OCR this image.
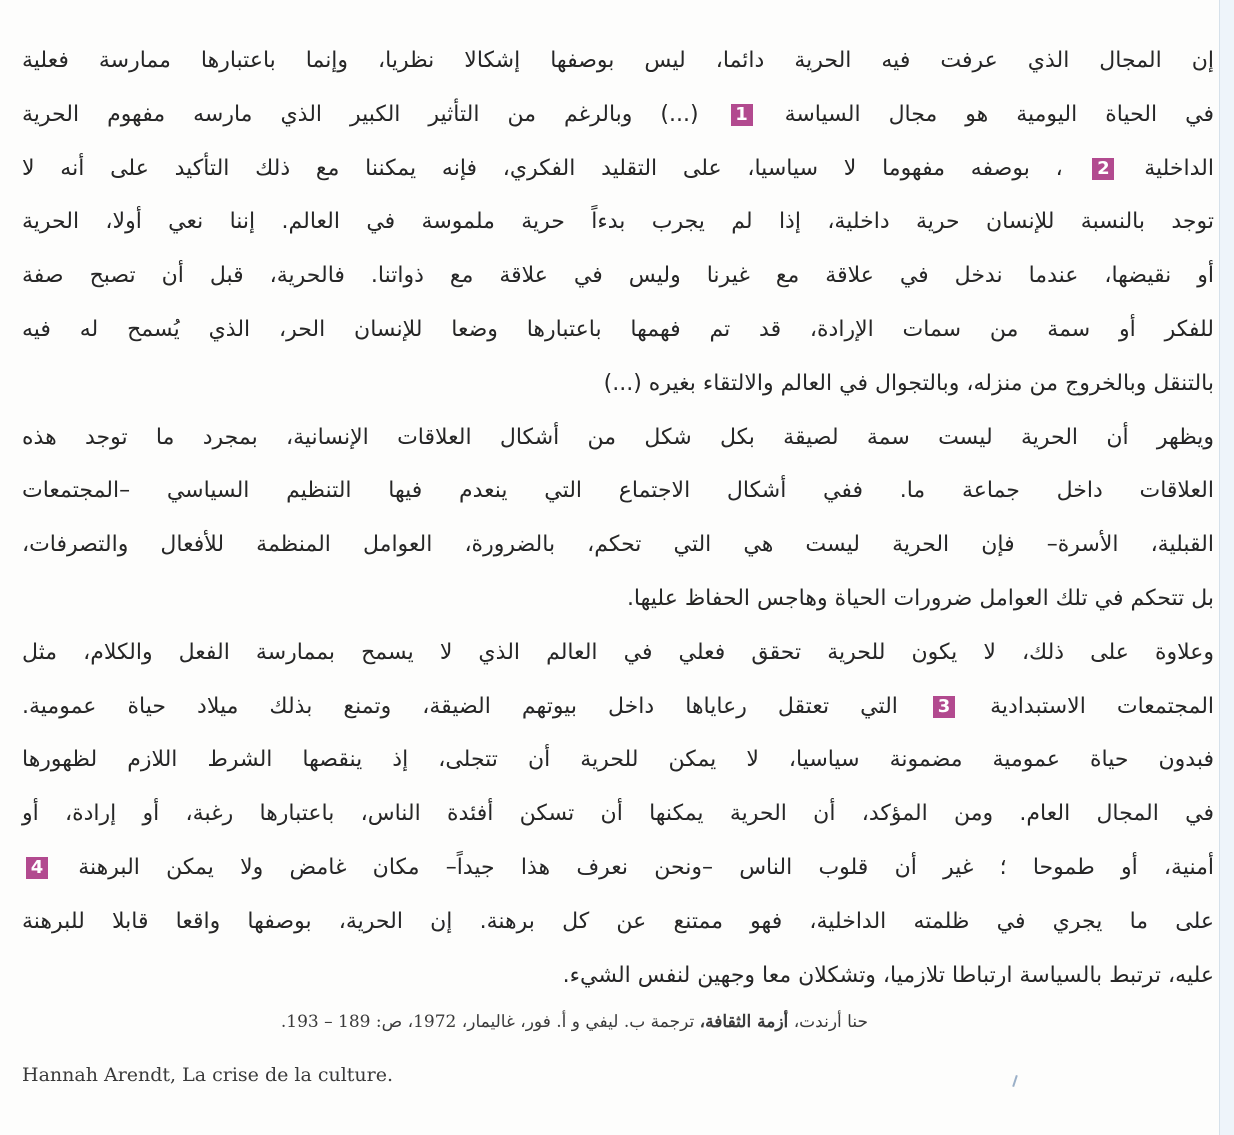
إن المجال الذي عرفت فيه الحرية دائما، ليس بوصفها إشكالا نظريا، وإنما باعتبارها ممارسة فعلية
في الحياة اليومية هو مجال السياسة 1 (...) وبالرغم من التأثير الكبير الذي مارسه مفهوم الحرية
الداخلية 2 ، بوصفه مفهوما لا سياسيا، على التقليد الفكري، فإنه يمكننا مع ذلك التأكيد على أنه لا
توجد بالنسبة للإنسان حرية داخلية، إذا لم يجرب بدءاً حرية ملموسة في العالم. إننا نعي أولا، الحرية
أو نقيضها، عندما ندخل في علاقة مع غيرنا وليس في علاقة مع ذواتنا. فالحرية، قبل أن تصبح صفة
للفكر أو سمة من سمات الإرادة، قد تم فهمها باعتبارها وضعا للإنسان الحر، الذي يُسمح له فيه
بالتنقل وبالخروج من منزله، وبالتجوال في العالم والالتقاء بغيره (...)
ويظهر أن الحرية ليست سمة لصيقة بكل شكل من أشكال العلاقات الإنسانية، بمجرد ما توجد هذه
العلاقات داخل جماعة ما. ففي أشكال الاجتماع التي ينعدم فيها التنظيم السياسي –المجتمعات
القبلية، الأسرة– فإن الحرية ليست هي التي تحكم، بالضرورة، العوامل المنظمة للأفعال والتصرفات،
بل تتحكم في تلك العوامل ضرورات الحياة وهاجس الحفاظ عليها.
وعلاوة على ذلك، لا يكون للحرية تحقق فعلي في العالم الذي لا يسمح بممارسة الفعل والكلام، مثل
المجتمعات الاستبدادية 3 التي تعتقل رعاياها داخل بيوتهم الضيقة، وتمنع بذلك ميلاد حياة عمومية.
فبدون حياة عمومية مضمونة سياسيا، لا يمكن للحرية أن تتجلى، إذ ينقصها الشرط اللازم لظهورها
في المجال العام. ومن المؤكد، أن الحرية يمكنها أن تسكن أفئدة الناس، باعتبارها رغبة، أو إرادة، أو
أمنية، أو طموحا ؛ غير أن قلوب الناس –ونحن نعرف هذا جيداً– مكان غامض ولا يمكن البرهنة 4
على ما يجري في ظلمته الداخلية، فهو ممتنع عن كل برهنة. إن الحرية، بوصفها واقعا قابلا للبرهنة
عليه، ترتبط بالسياسة ارتباطا تلازميا، وتشكلان معا وجهين لنفس الشيء.
حنا أرندت، أزمة الثقافة، ترجمة ب. ليفي و أ. فور، غاليمار، 1972، ص: 189 – 193.
Hannah Arendt, La crise de la culture.
